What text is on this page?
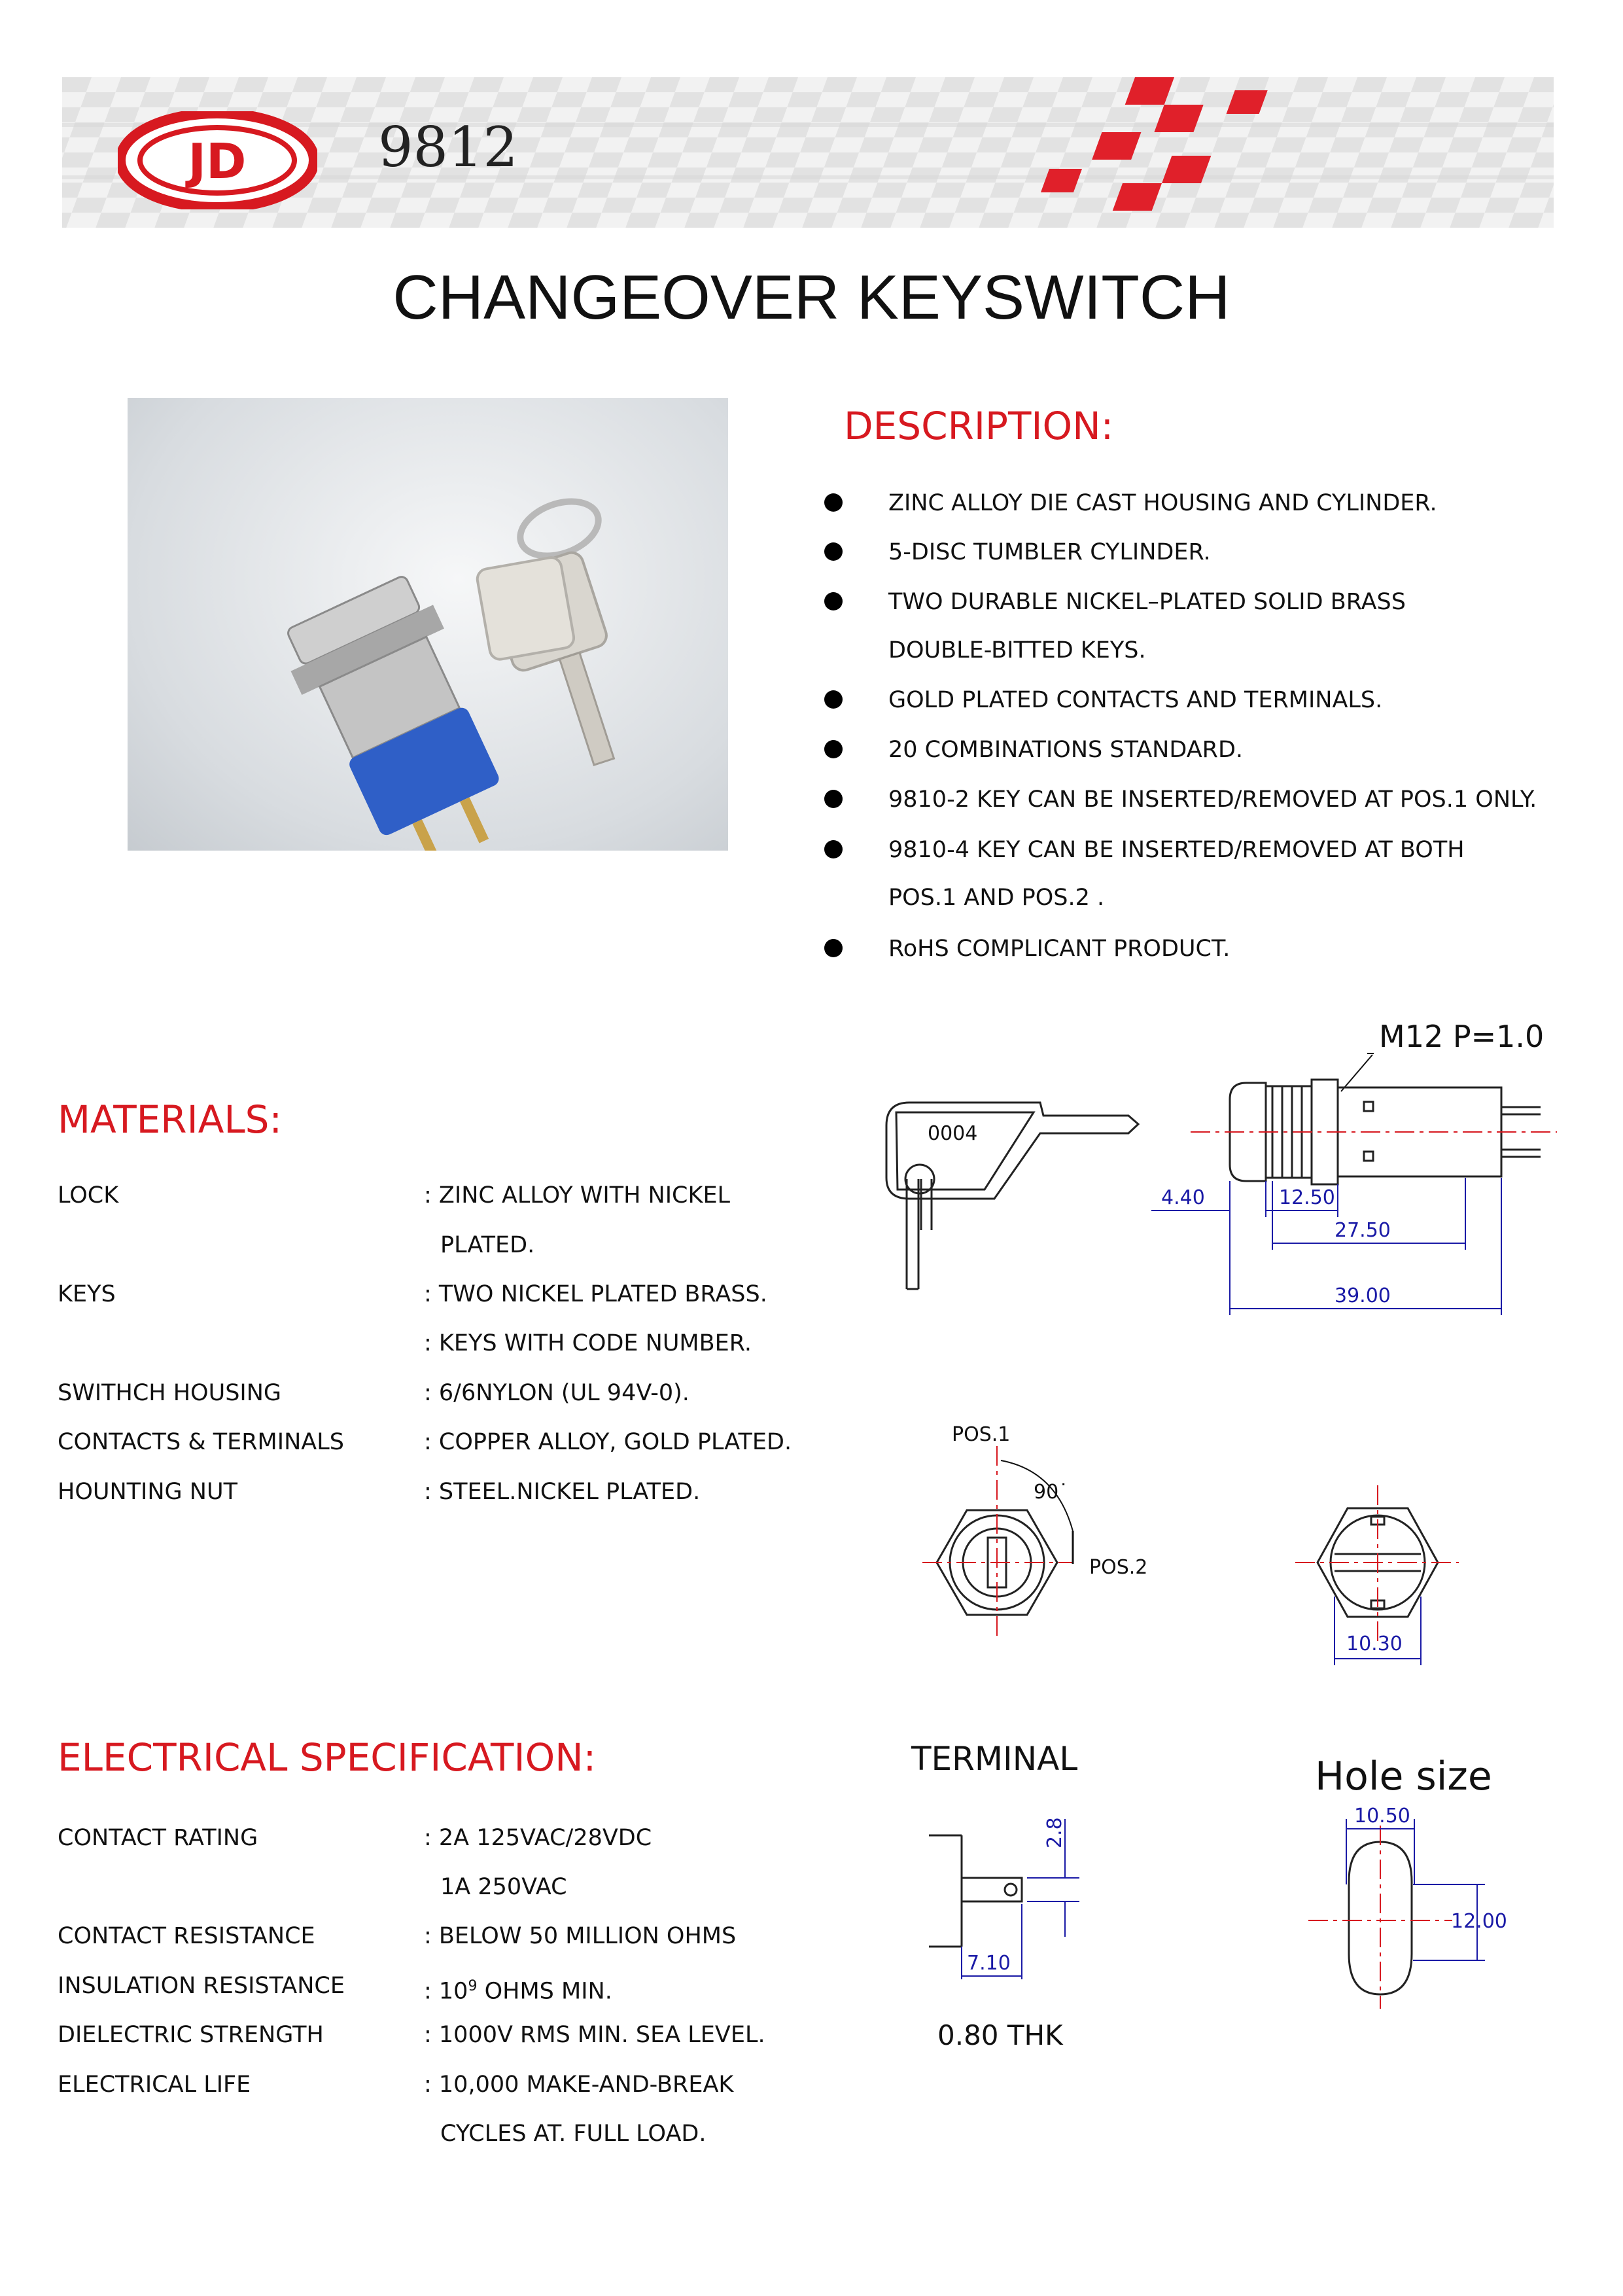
JD 9812
CHANGEOVER KEYSWITCH
DESCRIPTION:
ZINC ALLOY DIE CAST HOUSING AND CYLINDER.
5-DISC TUMBLER CYLINDER.
TWO DURABLE NICKEL–PLATED SOLID BRASS
DOUBLE-BITTED KEYS.
GOLD PLATED CONTACTS AND TERMINALS.
20 COMBINATIONS STANDARD.
9810-2 KEY CAN BE INSERTED/REMOVED AT POS.1 ONLY.
9810-4 KEY CAN BE INSERTED/REMOVED AT BOTH
POS.1 AND POS.2 .
RoHS COMPLICANT PRODUCT.
MATERIALS:
LOCK	: ZINC ALLOY WITH NICKEL
PLATED.
KEYS	: TWO NICKEL PLATED BRASS.
: KEYS WITH CODE NUMBER.
SWITHCH HOUSING	: 6/6NYLON (UL 94V-0).
CONTACTS & TERMINALS	: COPPER ALLOY, GOLD PLATED.
HOUNTING NUT	: STEEL.NICKEL PLATED.
ELECTRICAL SPECIFICATION:
CONTACT RATING	: 2A 125VAC/28VDC
1A 250VAC
CONTACT RESISTANCE	: BELOW 50 MILLION OHMS
INSULATION RESISTANCE	: $10^9$ OHMS MIN.
DIELECTRIC STRENGTH	: 1000V RMS MIN. SEA LEVEL.
ELECTRICAL LIFE	: 10,000 MAKE-AND-BREAK
CYCLES AT. FULL LOAD.
M12 P=1.0
0004
4.40	12.50
27.50
39.00
POS.1
90˙
POS.2
10.30
TERMINAL
2.8
7.10
0.80 THK
Hole size
10.50
12.00
